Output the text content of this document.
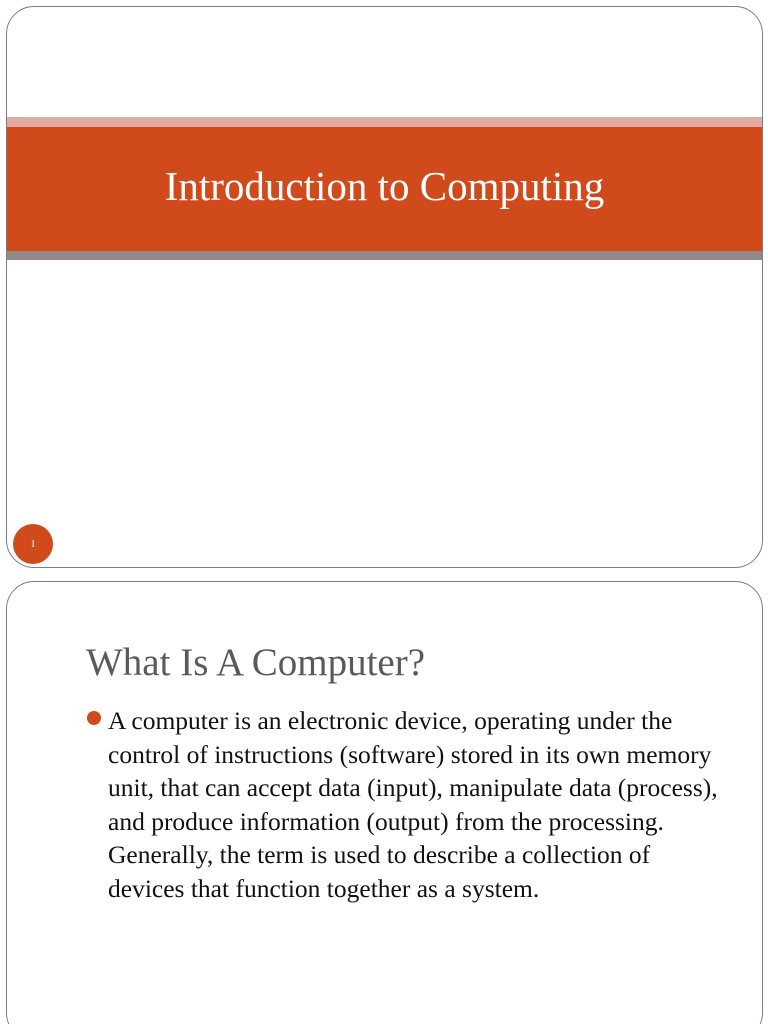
Introduction to Computing
1
What Is A Computer?

A computer is an electronic device, operating under the control of instructions (software) stored in its own memory unit, that can accept data (input), manipulate data (process), and produce information (output) from the processing. Generally, the term is used to describe a collection of devices that function together as a system.
